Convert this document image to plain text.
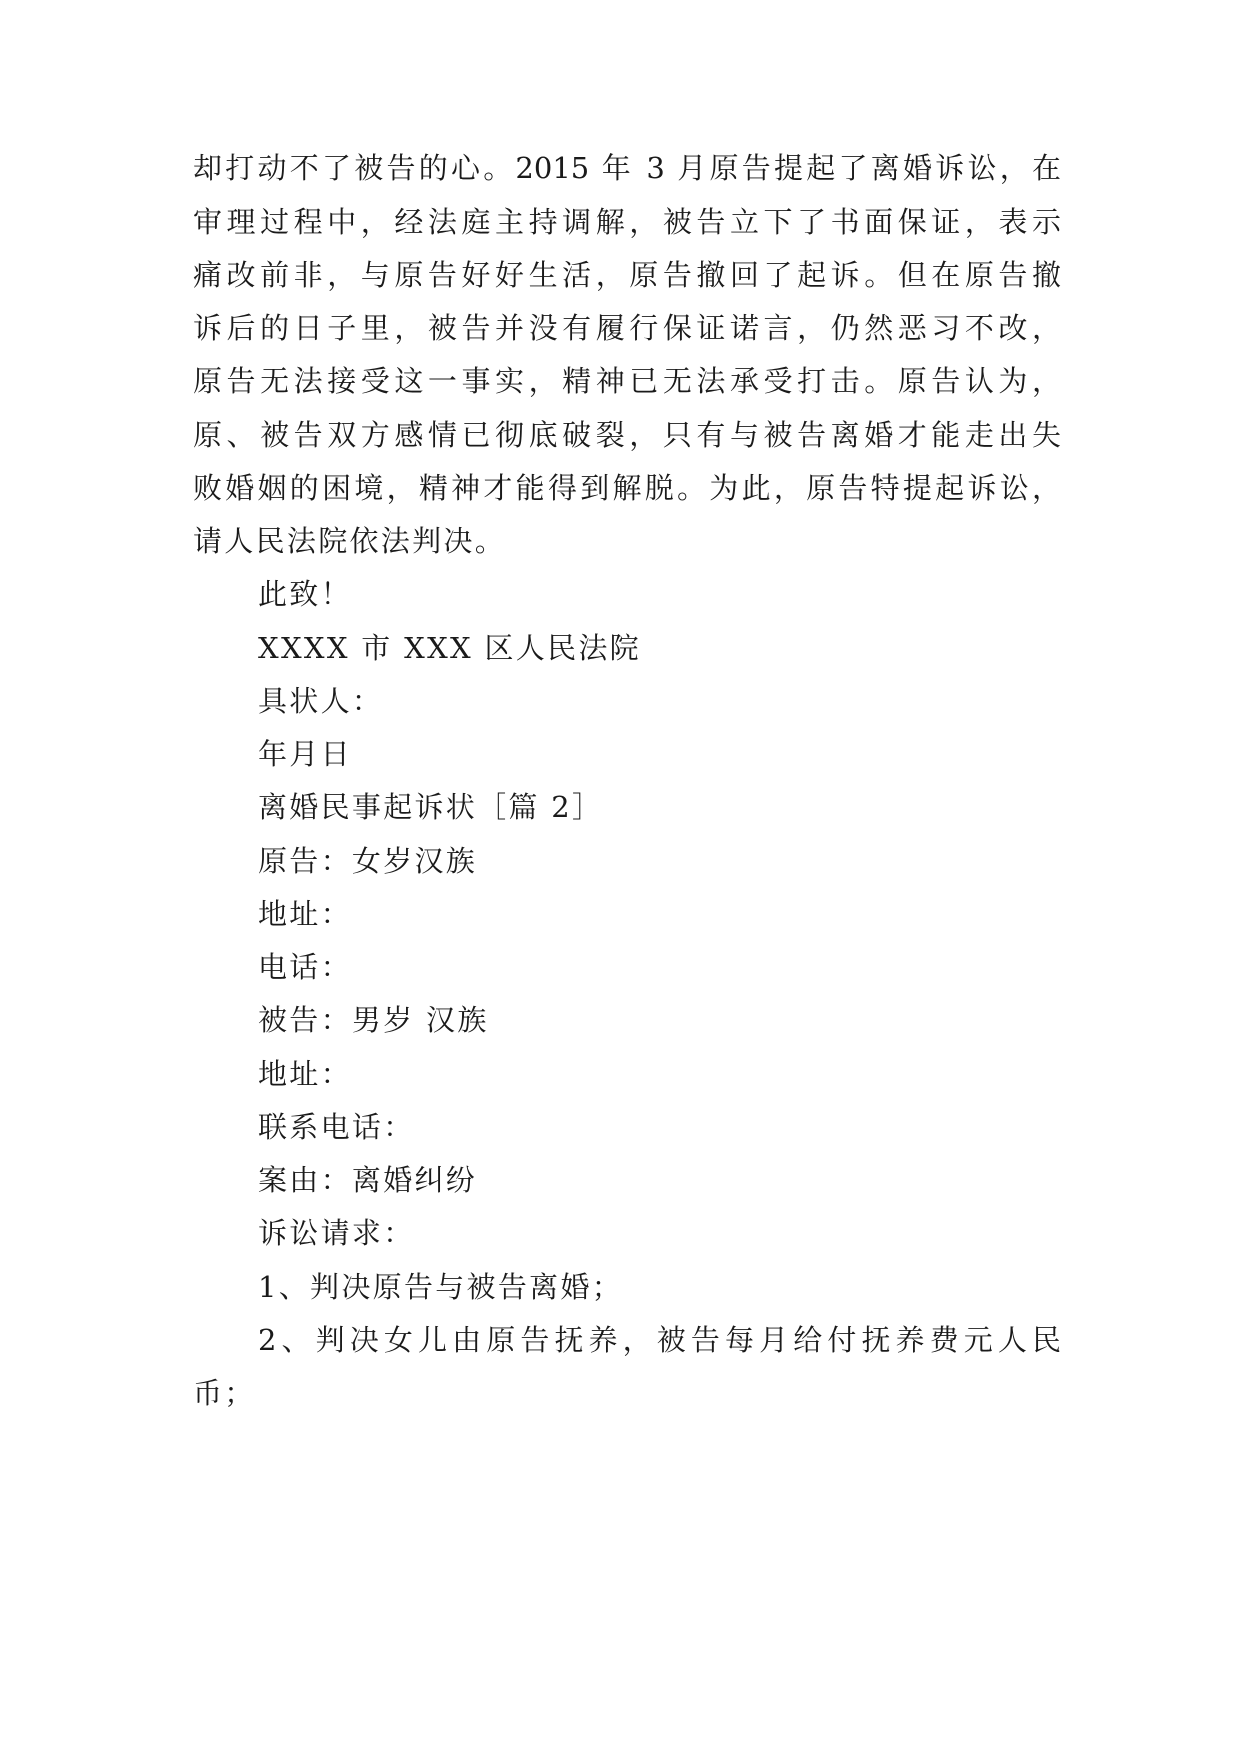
却打动不了被告的心。2015 年 3 月原告提起了离婚诉讼，在
审理过程中，经法庭主持调解，被告立下了书面保证，表示
痛改前非，与原告好好生活，原告撤回了起诉。但在原告撤
诉后的日子里，被告并没有履行保证诺言，仍然恶习不改，
原告无法接受这一事实，精神已无法承受打击。原告认为，
原、被告双方感情已彻底破裂，只有与被告离婚才能走出失
败婚姻的困境，精神才能得到解脱。为此，原告特提起诉讼，
请人民法院依法判决。
此致！
XXXX 市 XXX 区人民法院
具状人：
年月日
离婚民事起诉状［篇 2］
原告：女岁汉族
地址：
电话：
被告：男岁 汉族
地址：
联系电话：
案由：离婚纠纷
诉讼请求：
1、判决原告与被告离婚；
2、判决女儿由原告抚养，被告每月给付抚养费元人民
币；
